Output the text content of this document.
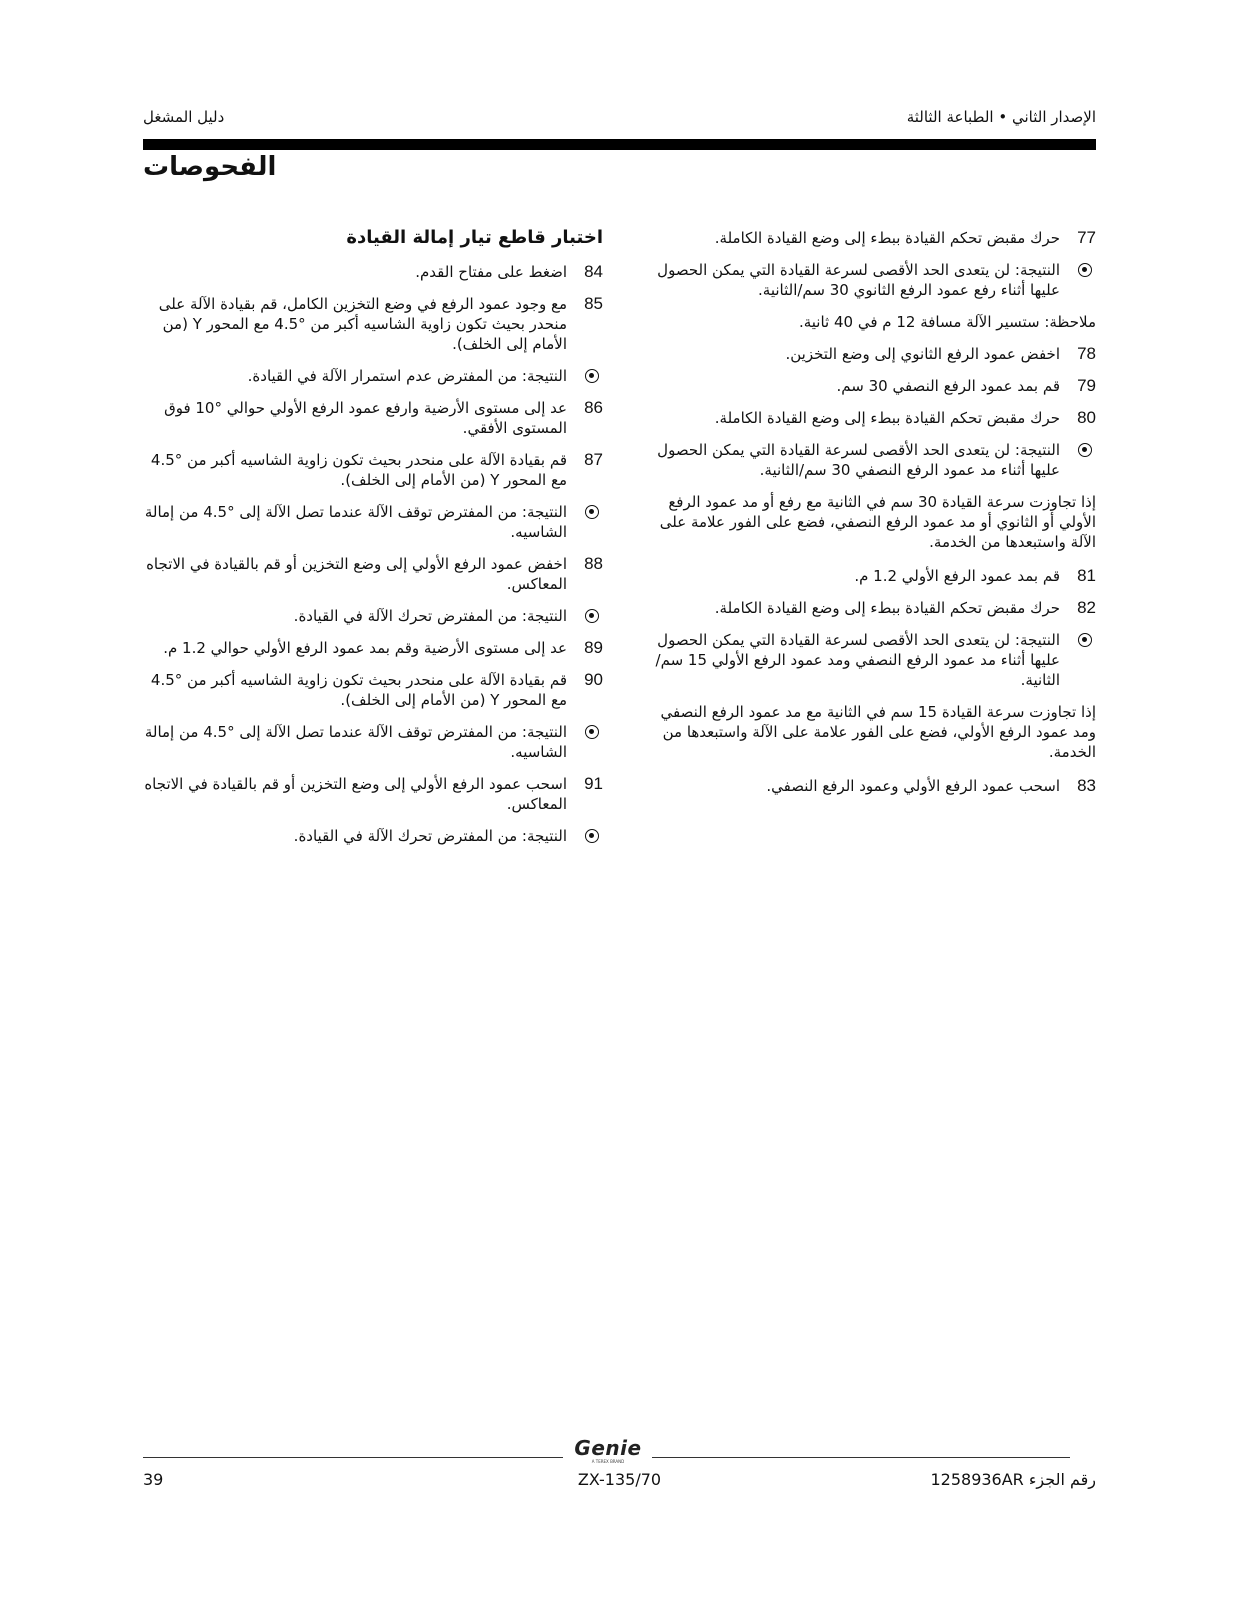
الإصدار الثاني • الطباعة الثالثة
دليل المشغل
الفحوصات
77
حرك مقبض تحكم القيادة ببطء إلى وضع القيادة الكاملة.
النتيجة: لن يتعدى الحد الأقصى لسرعة القيادة التي يمكن الحصول عليها أثناء رفع عمود الرفع الثانوي 30 سم/الثانية.
ملاحظة: ستسير الآلة مسافة 12 م في 40 ثانية.
78
اخفض عمود الرفع الثانوي إلى وضع التخزين.
79
قم بمد عمود الرفع النصفي 30 سم.
80
حرك مقبض تحكم القيادة ببطء إلى وضع القيادة الكاملة.
النتيجة: لن يتعدى الحد الأقصى لسرعة القيادة التي يمكن الحصول عليها أثناء مد عمود الرفع النصفي 30 سم/الثانية.
إذا تجاوزت سرعة القيادة 30 سم في الثانية مع رفع أو مد عمود الرفع الأولي أو الثانوي أو مد عمود الرفع النصفي، فضع على الفور علامة على الآلة واستبعدها من الخدمة.
81
قم بمد عمود الرفع الأولي 1.2 م.
82
حرك مقبض تحكم القيادة ببطء إلى وضع القيادة الكاملة.
النتيجة: لن يتعدى الحد الأقصى لسرعة القيادة التي يمكن الحصول عليها أثناء مد عمود الرفع النصفي ومد عمود الرفع الأولي 15 سم/الثانية.
إذا تجاوزت سرعة القيادة 15 سم في الثانية مع مد عمود الرفع النصفي ومد عمود الرفع الأولي، فضع على الفور علامة على الآلة واستبعدها من الخدمة.
83
اسحب عمود الرفع الأولي وعمود الرفع النصفي.
اختبار قاطع تيار إمالة القيادة
84
اضغط على مفتاح القدم.
85
مع وجود عمود الرفع في وضع التخزين الكامل، قم بقيادة الآلة على منحدر بحيث تكون زاوية الشاسيه أكبر من °4.5 مع المحور Y (من الأمام إلى الخلف).
النتيجة: من المفترض عدم استمرار الآلة في القيادة.
86
عد إلى مستوى الأرضية وارفع عمود الرفع الأولي حوالي °10 فوق المستوى الأفقي.
87
قم بقيادة الآلة على منحدر بحيث تكون زاوية الشاسيه أكبر من °4.5 مع المحور Y (من الأمام إلى الخلف).
النتيجة: من المفترض توقف الآلة عندما تصل الآلة إلى °4.5 من إمالة الشاسيه.
88
اخفض عمود الرفع الأولي إلى وضع التخزين أو قم بالقيادة في الاتجاه المعاكس.
النتيجة: من المفترض تحرك الآلة في القيادة.
89
عد إلى مستوى الأرضية وقم بمد عمود الرفع الأولي حوالي 1.2 م.
90
قم بقيادة الآلة على منحدر بحيث تكون زاوية الشاسيه أكبر من °4.5 مع المحور Y (من الأمام إلى الخلف).
النتيجة: من المفترض توقف الآلة عندما تصل الآلة إلى °4.5 من إمالة الشاسيه.
91
اسحب عمود الرفع الأولي إلى وضع التخزين أو قم بالقيادة في الاتجاه المعاكس.
النتيجة: من المفترض تحرك الآلة في القيادة.
Genie
A TEREX BRAND
39	ZX-135/70	رقم الجزء 1258936AR
